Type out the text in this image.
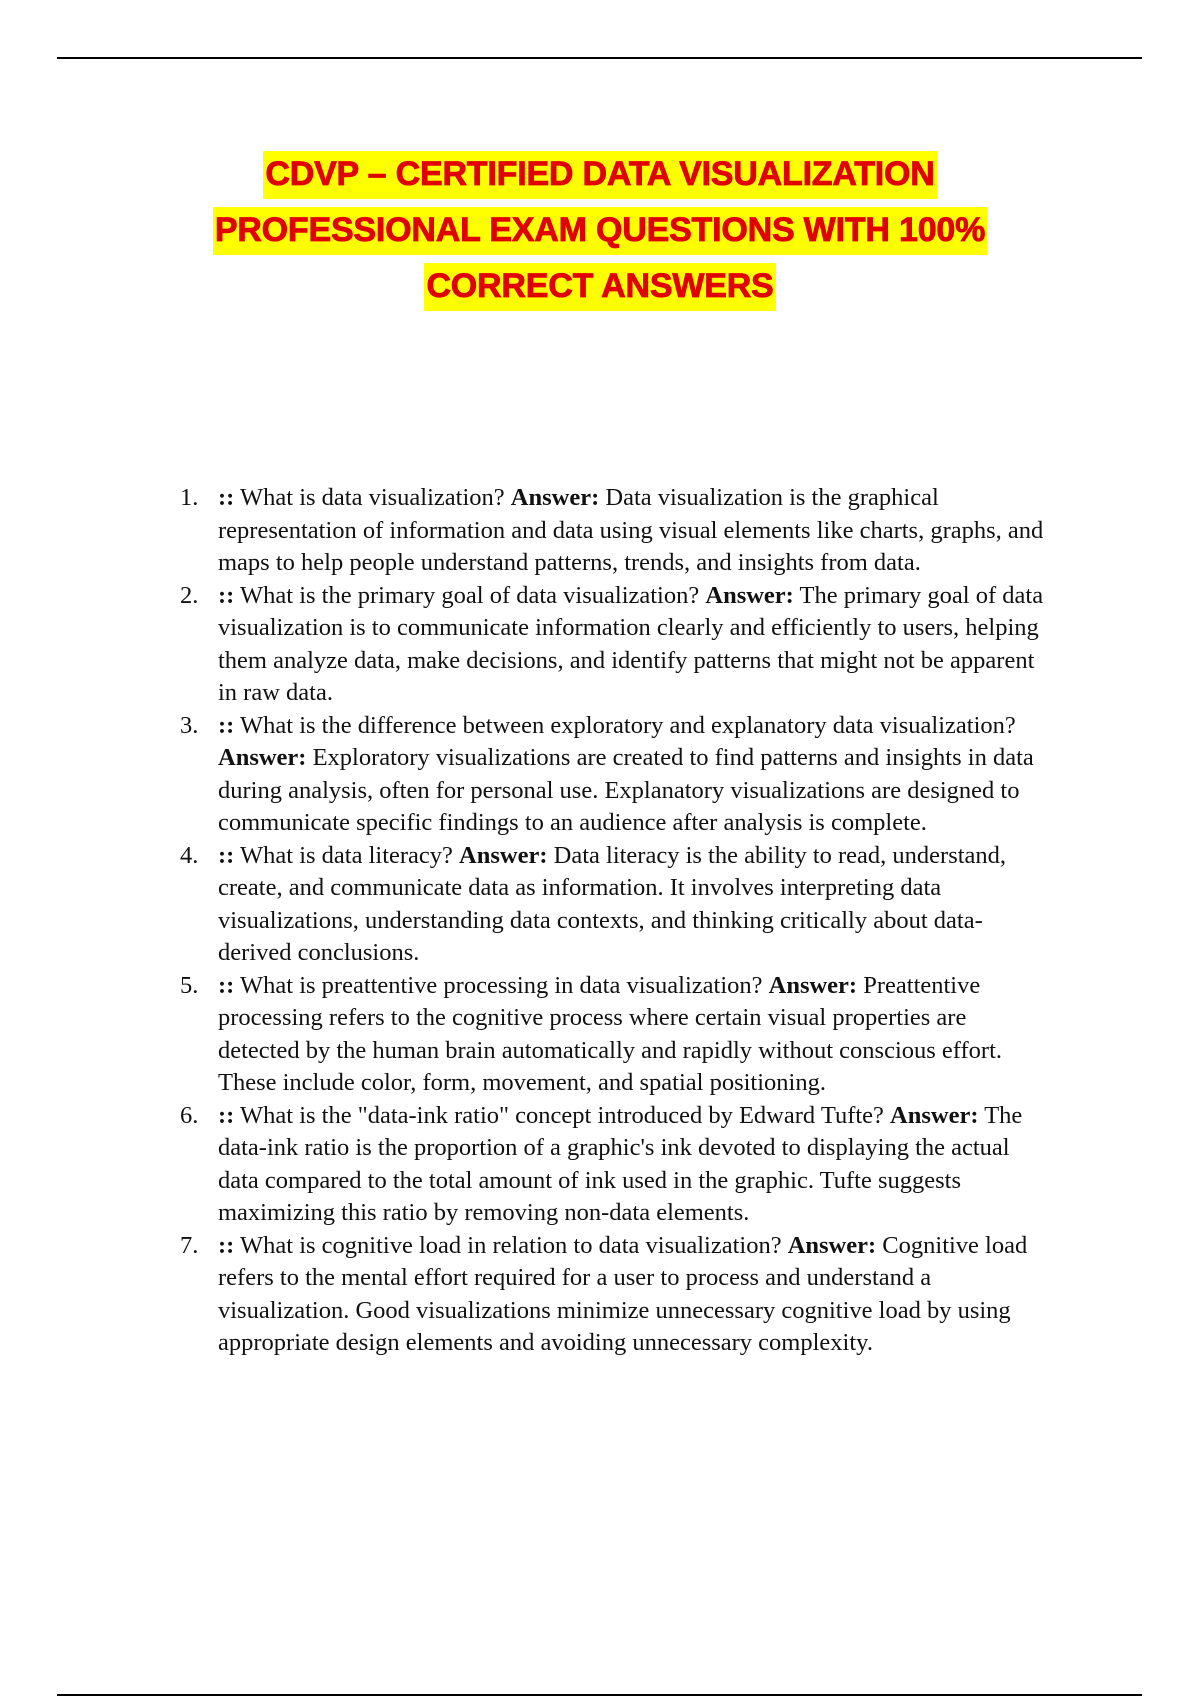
CDVP – CERTIFIED DATA VISUALIZATION PROFESSIONAL EXAM QUESTIONS WITH 100% CORRECT ANSWERS
1. :: What is data visualization? Answer: Data visualization is the graphical representation of information and data using visual elements like charts, graphs, and maps to help people understand patterns, trends, and insights from data.
2. :: What is the primary goal of data visualization? Answer: The primary goal of data visualization is to communicate information clearly and efficiently to users, helping them analyze data, make decisions, and identify patterns that might not be apparent in raw data.
3. :: What is the difference between exploratory and explanatory data visualization? Answer: Exploratory visualizations are created to find patterns and insights in data during analysis, often for personal use. Explanatory visualizations are designed to communicate specific findings to an audience after analysis is complete.
4. :: What is data literacy? Answer: Data literacy is the ability to read, understand, create, and communicate data as information. It involves interpreting data visualizations, understanding data contexts, and thinking critically about data-derived conclusions.
5. :: What is preattentive processing in data visualization? Answer: Preattentive processing refers to the cognitive process where certain visual properties are detected by the human brain automatically and rapidly without conscious effort. These include color, form, movement, and spatial positioning.
6. :: What is the "data-ink ratio" concept introduced by Edward Tufte? Answer: The data-ink ratio is the proportion of a graphic's ink devoted to displaying the actual data compared to the total amount of ink used in the graphic. Tufte suggests maximizing this ratio by removing non-data elements.
7. :: What is cognitive load in relation to data visualization? Answer: Cognitive load refers to the mental effort required for a user to process and understand a visualization. Good visualizations minimize unnecessary cognitive load by using appropriate design elements and avoiding unnecessary complexity.
